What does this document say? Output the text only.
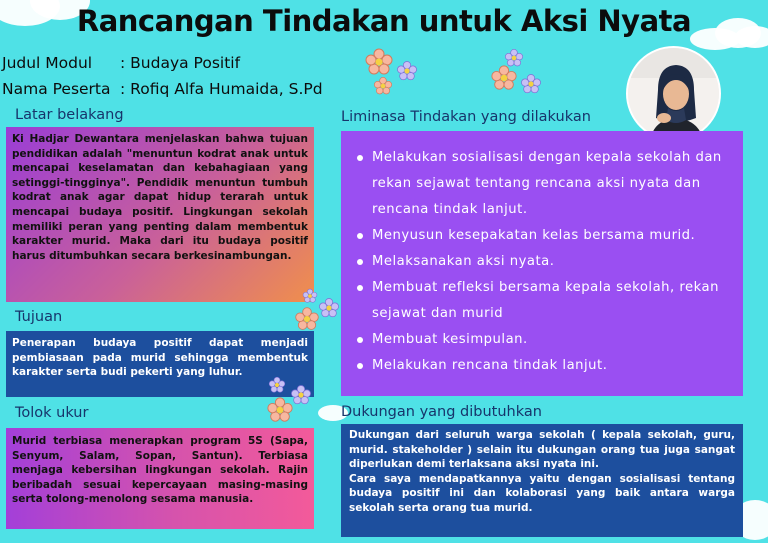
Rancangan Tindakan untuk Aksi Nyata
Judul Modul : Budaya Positif
Nama Peserta : Rofiq Alfa Humaida, S.Pd
Latar belakang

Ki Hadjar Dewantara menjelaskan bahwa tujuan pendidikan adalah "menuntun kodrat anak untuk mencapai keselamatan dan kebahagiaan yang setinggi-tingginya". Pendidik menuntun tumbuh kodrat anak agar dapat hidup terarah untuk mencapai budaya positif. Lingkungan sekolah memiliki peran yang penting dalam membentuk karakter murid. Maka dari itu budaya positif harus ditumbuhkan secara berkesinambungan.

Tujuan

Penerapan budaya positif dapat menjadi pembiasaan pada murid sehingga membentuk karakter serta budi pekerti yang luhur.

Tolok ukur

Murid terbiasa menerapkan program 5S (Sapa, Senyum, Salam, Sopan, Santun). Terbiasa menjaga kebersihan lingkungan sekolah. Rajin beribadah sesuai kepercayaan masing-masing serta tolong-menolong sesama manusia.

Liminasa Tindakan yang dilakukan
Melakukan sosialisasi dengan kepala sekolah dan rekan sejawat tentang rencana aksi nyata dan rencana tindak lanjut.
Menyusun kesepakatan kelas bersama murid.
Melaksanakan aksi nyata.
Membuat refleksi bersama kepala sekolah, rekan sejawat dan murid
Membuat kesimpulan.
Melakukan rencana tindak lanjut.
Dukungan yang dibutuhkan

Dukungan dari seluruh warga sekolah ( kepala sekolah, guru, murid. stakeholder ) selain itu dukungan orang tua juga sangat diperlukan demi terlaksana aksi nyata ini.

Cara saya mendapatkannya yaitu dengan sosialisasi tentang budaya positif ini dan kolaborasi yang baik antara warga sekolah serta orang tua murid.
